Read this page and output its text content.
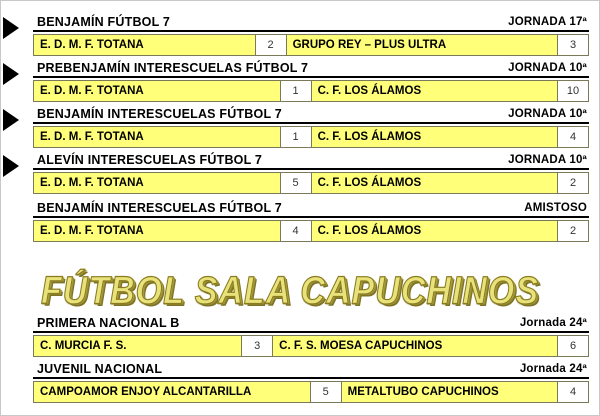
BENJAMÍN FÚTBOL 7	JORNADA 17ª
E. D. M. F. TOTANA	2	GRUPO REY – PLUS ULTRA	3
PREBENJAMÍN INTERESCUELAS FÚTBOL 7	JORNADA 10ª
E. D. M. F. TOTANA	1	C. F. LOS ÁLAMOS	10
BENJAMÍN INTERESCUELAS FÚTBOL 7	JORNADA 10ª
E. D. M. F. TOTANA	1	C. F. LOS ÁLAMOS	4
ALEVÍN INTERESCUELAS FÚTBOL 7	JORNADA 10ª
E. D. M. F. TOTANA	5	C. F. LOS ÁLAMOS	2
BENJAMÍN INTERESCUELAS FÚTBOL 7	AMISTOSO
E. D. M. F. TOTANA	4	C. F. LOS ÁLAMOS	2
FÚTBOL SALA CAPUCHINOS
PRIMERA NACIONAL B	Jornada 24ª
C. MURCIA F. S.	3	C. F. S. MOESA CAPUCHINOS	6
JUVENIL NACIONAL	Jornada 24ª
CAMPOAMOR ENJOY ALCANTARILLA	5	METALTUBO CAPUCHINOS	4
